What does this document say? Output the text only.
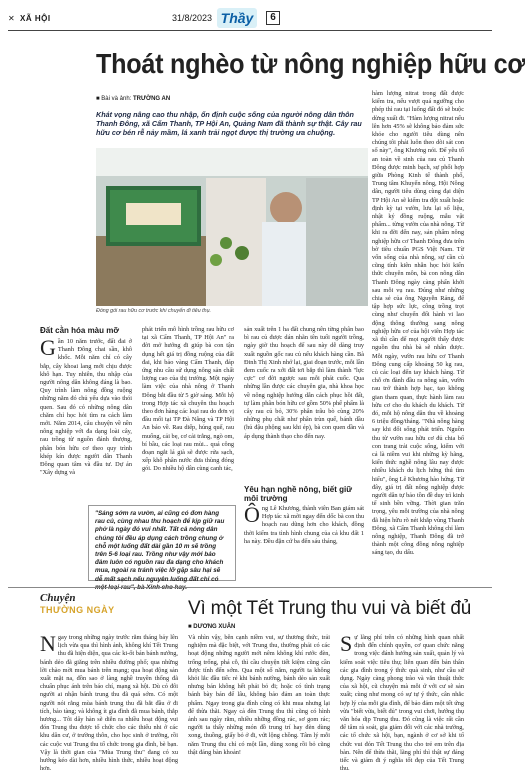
✕ XÃ HỘI	31/8/2023 Thầy	6
Thoát nghèo từ nông nghiệp hữu cơ
■ Bài và ảnh: TRƯỜNG AN
Khát vọng nâng cao thu nhập, ổn định cuộc sống của người nông dân thôn Thanh Đông, xã Cẩm Thanh, TP Hội An, Quảng Nam đã thành sự thật. Cây rau hữu cơ bén rễ nảy mầm, lá xanh trải ngọt được thị trường ưa chuộng.
Đóng gói rau hữu cơ trước khi chuyển đi tiêu thụ.
Đất cằn hóa màu mỡ
Gần 10 năm trước, đất đai ở Thanh Đông chai sần, khô khốc. Mỗi năm chỉ có cây bắp, cây khoai lang mới chịu được khô hạn. Tuy nhiên, thu nhập của người nông dân không đáng là bao. Quy trình làm nông đồng ruộng những năm đó chủ yếu dựa vào thói quen. Sau đó có những nông dân chăm chỉ học hỏi tìm ra cách làm mới. Năm 2014, câu chuyện về nền nông nghiệp với đa dạng loài cây, rau trồng từ nguồn đánh thượng, phân bón hữu cơ theo quy trình khép kín được người dân Thanh Đông quan tâm và đầu tư. Dự án "Xây dựng và
phát triển mô hình trồng rau hữu cơ tại xã Cẩm Thanh, TP Hội An" ra đời mở hướng đi giúp bà con tận dụng hết giá trị đồng ruộng của đất đai, khi bảo vàng Cẩm Thanh, đáp ứng nhu cầu sử dụng nông sản chất lượng cao của thị trường. Một ngày làm việc của nhà nông ở Thanh Đông bắt đầu từ 5 giờ sáng. Mỗi hộ trong Hợp tác xã chuyên thu hoạch theo đơn hàng các loại rau do đơn vị đầu mối tại TP Đà Nẵng và TP Hội An báo về. Rau diếp, húng quế, rau muống, cải bẹ, cơ cải trắng, ngò om, bí bầu, các loại rau mùi... quá công đoạn ngắt lá già sẽ được rửa sạch, xếp khô phân nước đưa thùng đóng gói. Do nhiều hộ dân cùng canh tác,
sản xuất trên 1 ha đất chung nên từng phân bao bì rau củ được dán nhãn tên tuổi người trồng, ngày giờ thu hoạch để sau này dễ dàng truy xuất nguồn gốc rau củ nếu khách hàng cần. Bà Đinh Thị Xinh nhớ lại, giai đoạn trước, mỗi lần đem cuốc ra xới đất tơi bắp thì làm thành "lực cực" cơ đời ngược sau mỗi phát cuốc. Qua những lần được các chuyên gia, nhà khoa học về nông nghiệp hướng dẫn cách phục hồi đất, tự làm phân bón hữu cơ gồm 50% phế phẩm là cây rau củ bỏ, 30% phân trâu bò cùng 20% những phụ chất như phân trùn quế, bánh dầu (hủ đậu phộng sau khi ép), bà con quen dần và áp dụng thành thạo cho đến nay.
"Sáng sớm ra vườn, ai cũng có đơn hàng rau củ, cùng nhau thu hoạch để kịp giữ rau phở là ngày đó vui nhất. Tất cả nông dân chúng tôi đều áp dụng cách trồng chung ở chỗ một luống đất dài gần 10 m sẽ trồng trên 5-6 loại rau. Trồng như vậy mới bảo đảm luôn có nguồn rau đa dạng cho khách mua, ngoài ra tránh việc lỡ gặp sâu hại sẽ dễ mất sạch nếu nguyên luống đất chỉ có
Yêu hạn nghề nông, biết giữ môi trường
Ông Lê Khương, thành viên Ban giám sát Hợp tác xã mời ngay đến dốc bà con thu hoạch rau dũng hơn cho khách, đồng thời kiểm tra tình hình chung của cả khu đất 1 ha này. Đều đặn cứ ba đến sáu tháng,
hàm lượng nitrat trong đất được kiểm tra, nếu vượt quá ngưỡng cho phép thì rau tại luống đất đó sẽ buộc dừng xuất đi. "Hàm lượng nitrat nếu lên hơn 45% sẽ không bảo đảm sức khỏe cho người tiêu dùng nên chúng tôi phải luôn theo dõi sát con số này", ông Khương nói. Để yêu tố an toàn về sinh của rau củ Thanh Đông được minh bạch, sự phối hợp giữa Phòng Kinh tế thành phố, Trung tâm Khuyến nông, Hội Nông dân, người tiêu dùng cùng đại diện TP Hội An sẽ kiểm tra đột xuất hoặc định kỳ tại vườn, lưu lại số liệu, nhật ký đồng ruộng, mẫu vật phẩm... từng vườn của nhà nông. Từ khi ra đời đến nay, sản phẩm nông nghiệp hữu cơ Thanh Đông đưa trên bờ tiêu chuẩn PGS Việt Nam. Từ vốn sống của nhà nông, sự cần cù cũng tính kiên nhẫn học hỏi kiến thức chuyên môn, bà con nông dân Thanh Đông ngày càng phấn khởi sau mỗi vụ rau. Đúng như những chia sẻ của ông Nguyễn Rảng, để tập hợp sức lực, công trồng trọt cùng như chuyển đổi hành vi lao động thông thường sang nông nghiệp hữu cơ của hội viên Hợp tác xã thì cần để mọi người thấy được nguồn thu nhà bà sẽ nhân được. Mỗi ngày, vườn rau hữu cơ Thanh Đông cung cấp khoảng 50 kg rau, củ các loại đến tay khách hàng. Từ chỗ ơn đành đầu ra nông sản, vườn rau trở thành hợp hạc, tạo không gian tham quan, thực hành làm rau hữu cơ cho du khách du khách. Từ đó, mỗi hộ nông dân thu về khoảng 6 triệu đồng/tháng. "Nhà nông hàng say khi đối sống phát triển. Nguồn thu từ vườn rau hữu cơ đủ chia bổ con trang trải cuộc sống, kiếm với cả là niềm vui khi những kỳ hãng, kiến thức nghề nông lâu nay được nhiều khách du lịch hứng thú tìm hiểu", ông Lê Khương hào hứng. Từ đây, giá trị đất nông nghiệp được người dân tự bảo tồn đề duy trì kinh tế sinh bền vững. Thời gian trăn trọng, yêu mỗi trường của nhà nông đã hiện hữu rõ nét khắp vùng Thanh Đông, xã Cẩm Thanh không chỉ làm nông nghiệp, Thanh Đông đã trở thành một công đồng nông nghiệp sáng tạo, du dấu.
Chuyện
THƯỜNG NGÀY	Vì một Tết Trung thu vui và biết đủ
■ DƯƠNG XUÂN
Ngay trong những ngày trước rằm tháng bảy lên lịch vừa qua thì hình ảnh, không khí Tết Trung thu đã hiện diện, qua các ki-ốt bán bánh nướng, bánh dẻo đã giăng trên nhiều đường phố; qua những lời chào mời mua bánh trên mạng; qua hoạt động sản xuất mặt na, đồn sao ở làng nghề truyền thống đã chuẩn phục ánh trên báo chí, mạng xã hội. Dù có đôi người ai nhận bánh trung thu đã quá sớm. Có một người nói rằng mùa bánh trung thu đã bắt đầu ở đi tích, bảo tàng; và không ít gia đình đã mua bánh, thắp hương... Tôi dây hàn sẽ diễn ra nhiều hoạt động vui đón Trung thu được tổ chức cho các thiếu nhi ở các khu dân cư, ở trường thôn, cho học sinh ở trường, rồi các cuộc vui Trung thu tổ chức trong gia đình, bè bạn. Vậy là thời gian của "Mùa Trung thu" đang có xu hướng kéo dài hơn, nhiều hình thức, nhiều hoạt động hơn.
Và nhìn vậy, bên cạnh niềm vui, sự thương thức, trải nghiệm mà đặc biệt, với Trung thu, thường phải có các hoạt động những người mới nêm không khí rước đèn, trống trống, phá cỗ, thì cầu chuyện tiết kiệm cũng cần được tính đến sớm. Qua một số năm, người ta không khỏi lắc đầu tiếc rẻ khi bánh nướng, bánh dẻo sản xuất nhưng bán không hết phải bỏ đi; hoặc có tình trạng bánh bày bán để lâu, không bảo đảm an toàn thực phẩm. Ngay trong gia đình cũng có khi mua nhưng lại để thừa thãi. Ngay cả đèn Trung thu thì cũng có hình ảnh sau ngày rằm, nhiều những đồng rác, sơ gom rác; người ta thấy những món đồ trung trí hay đèn dùng xong, thuồng, giấy bỏ ở đi, vứt lộng chồng. Tâm lý mỗi năm Trung thu chỉ có một lần, dùng xong rồi bỏ cũng thật đáng bàn khoản!
Sự lãng phí trên có những hình quan nhất định đến chính quyền, cơ quan chức năng trong việc đánh hướng sản xuất, quản lý và kiểm soát việc tiêu thụ; liên quan đến bản thân các gia đình trong ý thức quà sinh, như cầu sử dụng. Ngày càng phong trào và văn thuật thức của xã hội, cũ chuyện mà mỗi ứ với cư sẽ sản xuất; cùng như mong có sự tự ý thức, cân nhắc hợp lý của mỗi gia đình, để bảo đảm một tết ứng vừa "biết vừa, biết đủ" trong vui chơi, hướng thụ văn hóa dịp Trung thu. Đó cũng là việc rất cần để tâm rà soát, gia giảm đối với các nhà trường, các tổ chức xã hội, bạn, ngành ở cơ sở khi tổ chức vui đón Tết Trung thu cho trẻ em trên địa bàn. Nên để thừa thãi, lãng phí thì thật sự đáng tiếc và giảm đi ý nghĩa tốt đẹp của Tết Trung thu.
